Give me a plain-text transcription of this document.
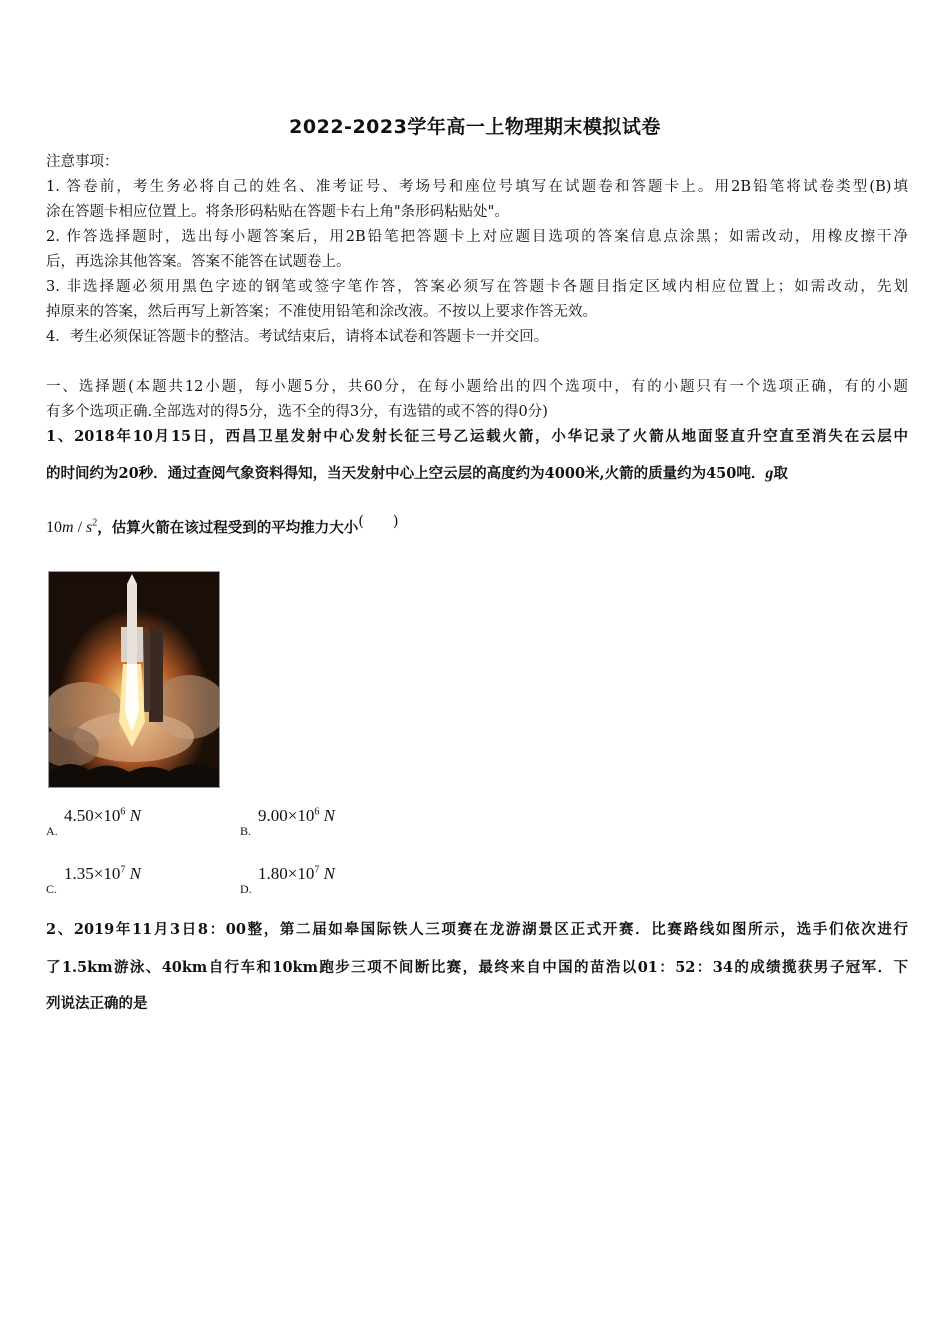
2022-2023学年高一上物理期末模拟试卷
注意事项：
1. 答卷前，考生务必将自己的姓名、准考证号、考场号和座位号填写在试题卷和答题卡上。用2B铅笔将试卷类型(B)填
涂在答题卡相应位置上。将条形码粘贴在答题卡右上角"条形码粘贴处"。
2. 作答选择题时，选出每小题答案后，用2B铅笔把答题卡上对应题目选项的答案信息点涂黑；如需改动，用橡皮擦干净
后，再选涂其他答案。答案不能答在试题卷上。
3. 非选择题必须用黑色字迹的钢笔或签字笔作答，答案必须写在答题卡各题目指定区域内相应位置上；如需改动，先划
掉原来的答案，然后再写上新答案；不准使用铅笔和涂改液。不按以上要求作答无效。
4．考生必须保证答题卡的整洁。考试结束后，请将本试卷和答题卡一并交回。
一、选择题(本题共12小题，每小题5分，共60分，在每小题给出的四个选项中，有的小题只有一个选项正确，有的小题
有多个选项正确.全部选对的得5分，选不全的得3分，有选错的或不答的得0分)
1、2018年10月15日，西昌卫星发射中心发射长征三号乙运载火箭，小华记录了火箭从地面竖直升空直至消失在云层中
的时间约为20秒．通过查阅气象资料得知，当天发射中心上空云层的高度约为4000米,火箭的质量约为450吨．g取
$10m / s^2$，估算火箭在该过程受到的平均推力大小(　　)
A.
$4.50\times 10^6$ N
B.
$9.00\times 10^6$ N
C.
$1.35\times 10^7$ N
D.
$1.80\times 10^7$ N
2、2019年11月3日8：00整，第二届如皋国际铁人三项赛在龙游湖景区正式开赛．比赛路线如图所示，选手们依次进行
了1.5km游泳、40km自行车和10km跑步三项不间断比赛，最终来自中国的苗浩以01：52：34的成绩揽获男子冠军．下
列说法正确的是
